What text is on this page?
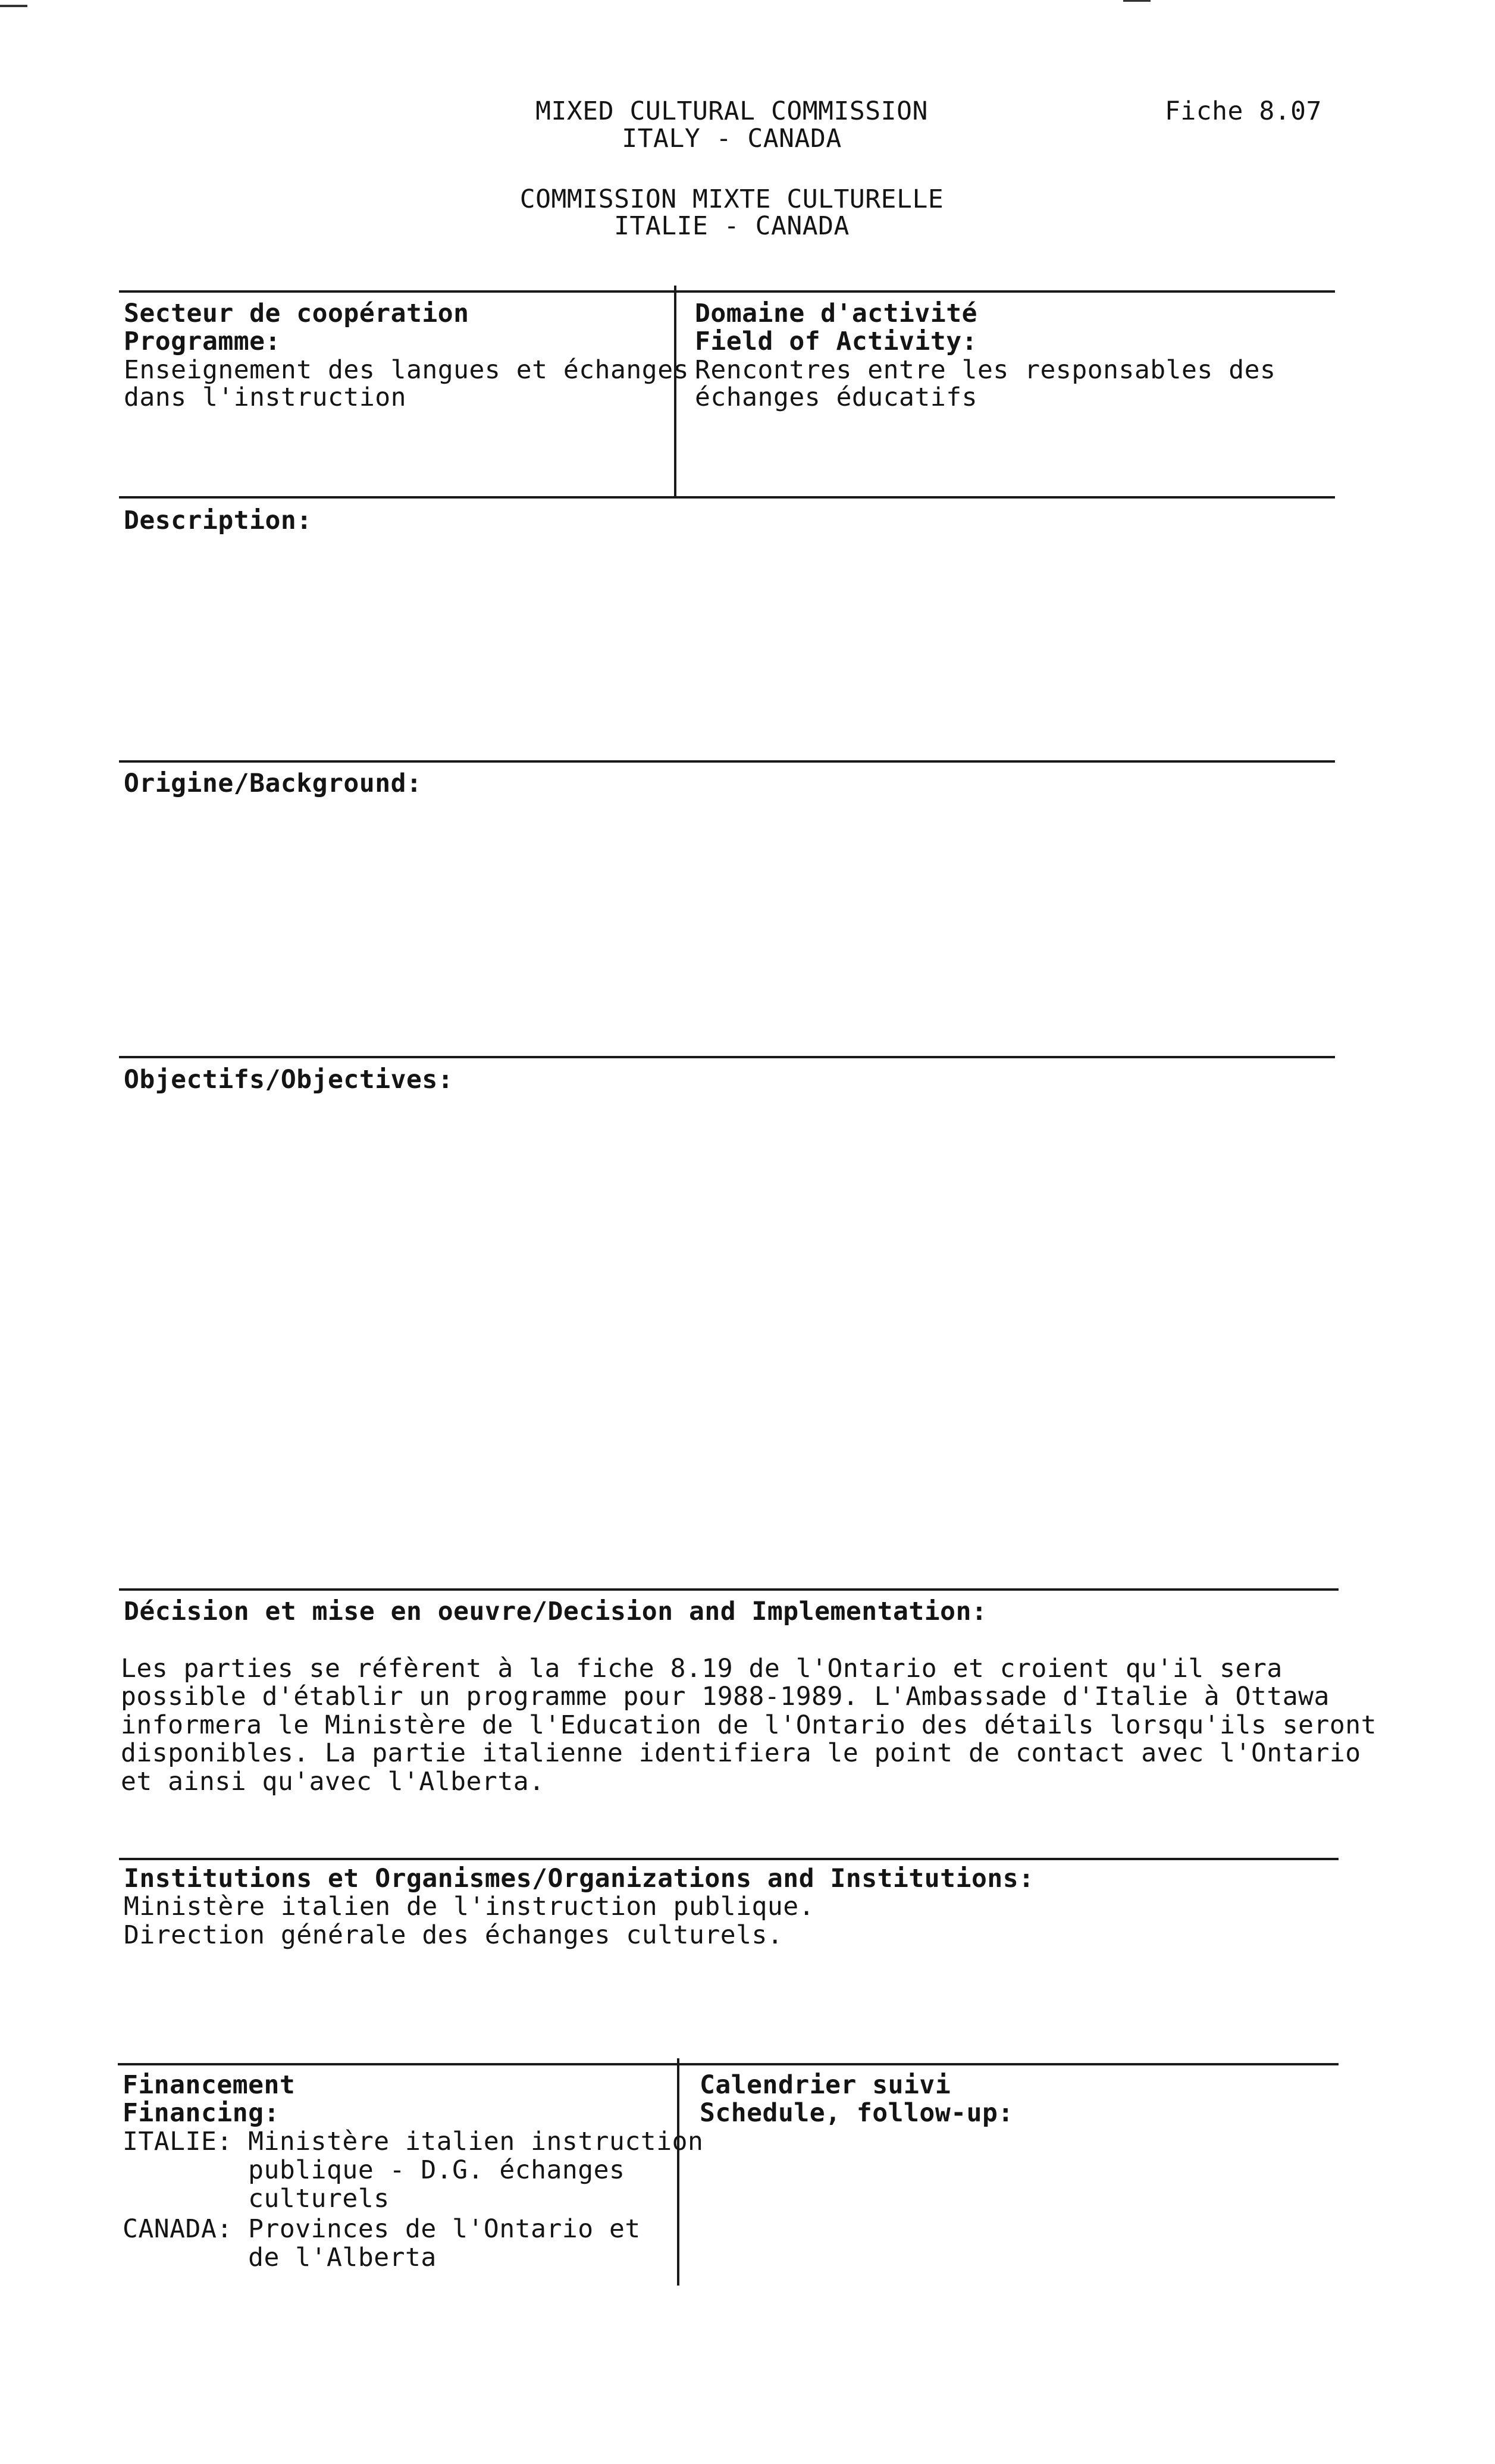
MIXED CULTURAL COMMISSION
ITALY - CANADA
COMMISSION MIXTE CULTURELLE
ITALIE - CANADA
Fiche 8.07
Secteur de coopération
Programme:
Enseignement des langues et échanges
dans l'instruction
Domaine d'activité
Field of Activity:
Rencontres entre les responsables des
échanges éducatifs
Description:
Origine/Background:
Objectifs/Objectives:
Décision et mise en oeuvre/Decision and Implementation:
Les parties se réfèrent à la fiche 8.19 de l'Ontario et croient qu'il sera
possible d'établir un programme pour 1988-1989. L'Ambassade d'Italie à Ottawa
informera le Ministère de l'Education de l'Ontario des détails lorsqu'ils seront
disponibles. La partie italienne identifiera le point de contact avec l'Ontario
et ainsi qu'avec l'Alberta.
Institutions et Organismes/Organizations and Institutions:
Ministère italien de l'instruction publique.
Direction générale des échanges culturels.
Financement
Financing:
ITALIE: Ministère italien instruction
publique - D.G. échanges
culturels
CANADA: Provinces de l'Ontario et
de l'Alberta
Calendrier suivi
Schedule, follow-up:
